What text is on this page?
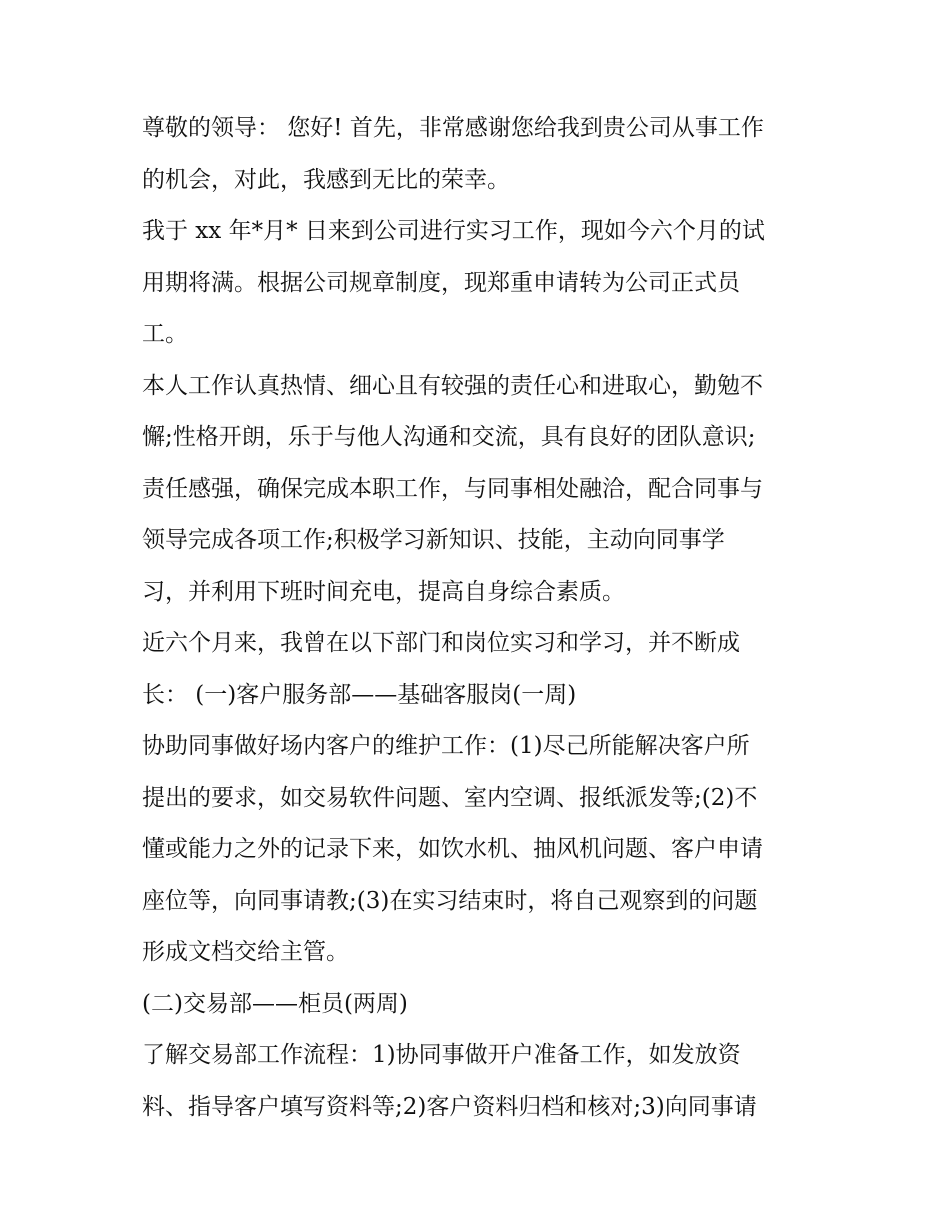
尊敬的领导： 您好! 首先，非常感谢您给我到贵公司从事工作

的机会，对此，我感到无比的荣幸。

我于 xx 年*月* 日来到公司进行实习工作，现如今六个月的试

用期将满。根据公司规章制度，现郑重申请转为公司正式员

工。

本人工作认真热情、细心且有较强的责任心和进取心，勤勉不

懈;性格开朗，乐于与他人沟通和交流，具有良好的团队意识;

责任感强，确保完成本职工作，与同事相处融洽，配合同事与

领导完成各项工作;积极学习新知识、技能，主动向同事学

习，并利用下班时间充电，提高自身综合素质。

近六个月来，我曾在以下部门和岗位实习和学习，并不断成

长： (一)客户服务部——基础客服岗(一周)

协助同事做好场内客户的维护工作：(1)尽己所能解决客户所

提出的要求，如交易软件问题、室内空调、报纸派发等;(2)不

懂或能力之外的记录下来，如饮水机、抽风机问题、客户申请

座位等，向同事请教;(3)在实习结束时，将自己观察到的问题

形成文档交给主管。

(二)交易部——柜员(两周)

了解交易部工作流程：1)协同事做开户准备工作，如发放资

料、指导客户填写资料等;2)客户资料归档和核对;3)向同事请
